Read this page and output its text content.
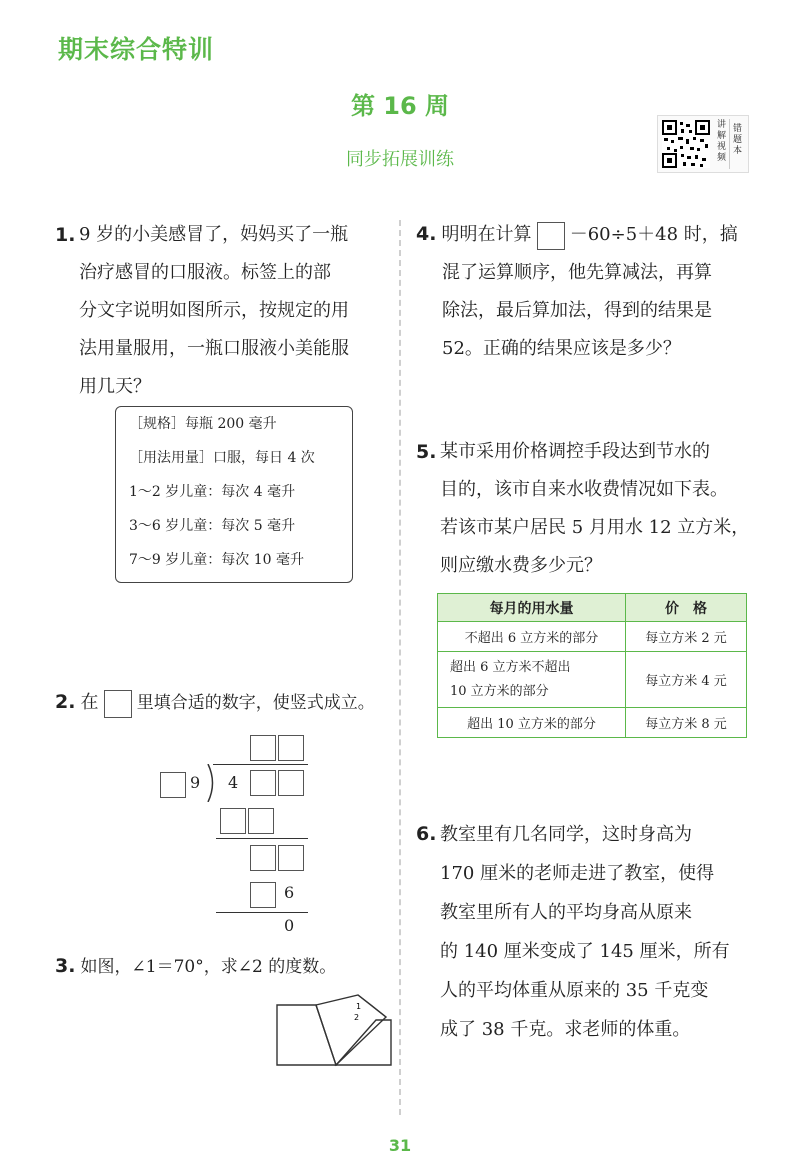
期末综合特训
第 16 周
同步拓展训练
讲解视频
错题本
1. 9 岁的小美感冒了，妈妈买了一瓶
治疗感冒的口服液。标签上的部
分文字说明如图所示，按规定的用
法用量服用，一瓶口服液小美能服
用几天？

［规格］每瓶 200 毫升

［用法用量］口服，每日 4 次

1～2 岁儿童：每次 4 毫升

3～6 岁儿童：每次 5 毫升

7～9 岁儿童：每次 10 毫升

2. 在 里填合适的数字，使竖式成立。
9 4
6
0
3. 如图，∠1＝70°，求∠2 的度数。
1
2
4. 明明在计算 －60÷5＋48 时，搞
混了运算顺序，他先算减法，再算
除法，最后算加法，得到的结果是
52。正确的结果应该是多少？
5. 某市采用价格调控手段达到节水的
目的，该市自来水收费情况如下表。
若该市某户居民 5 月用水 12 立方米，
则应缴水费多少元？
每月的用水量	价　格
不超出 6 立方米的部分	每立方米 2 元

超出 6 立方米不超出
10 立方米的部分	每立方米 4 元
超出 10 立方米的部分	每立方米 8 元
6. 教室里有几名同学，这时身高为
170 厘米的老师走进了教室，使得
教室里所有人的平均身高从原来
的 140 厘米变成了 145 厘米，所有
人的平均体重从原来的 35 千克变
成了 38 千克。求老师的体重。
31
